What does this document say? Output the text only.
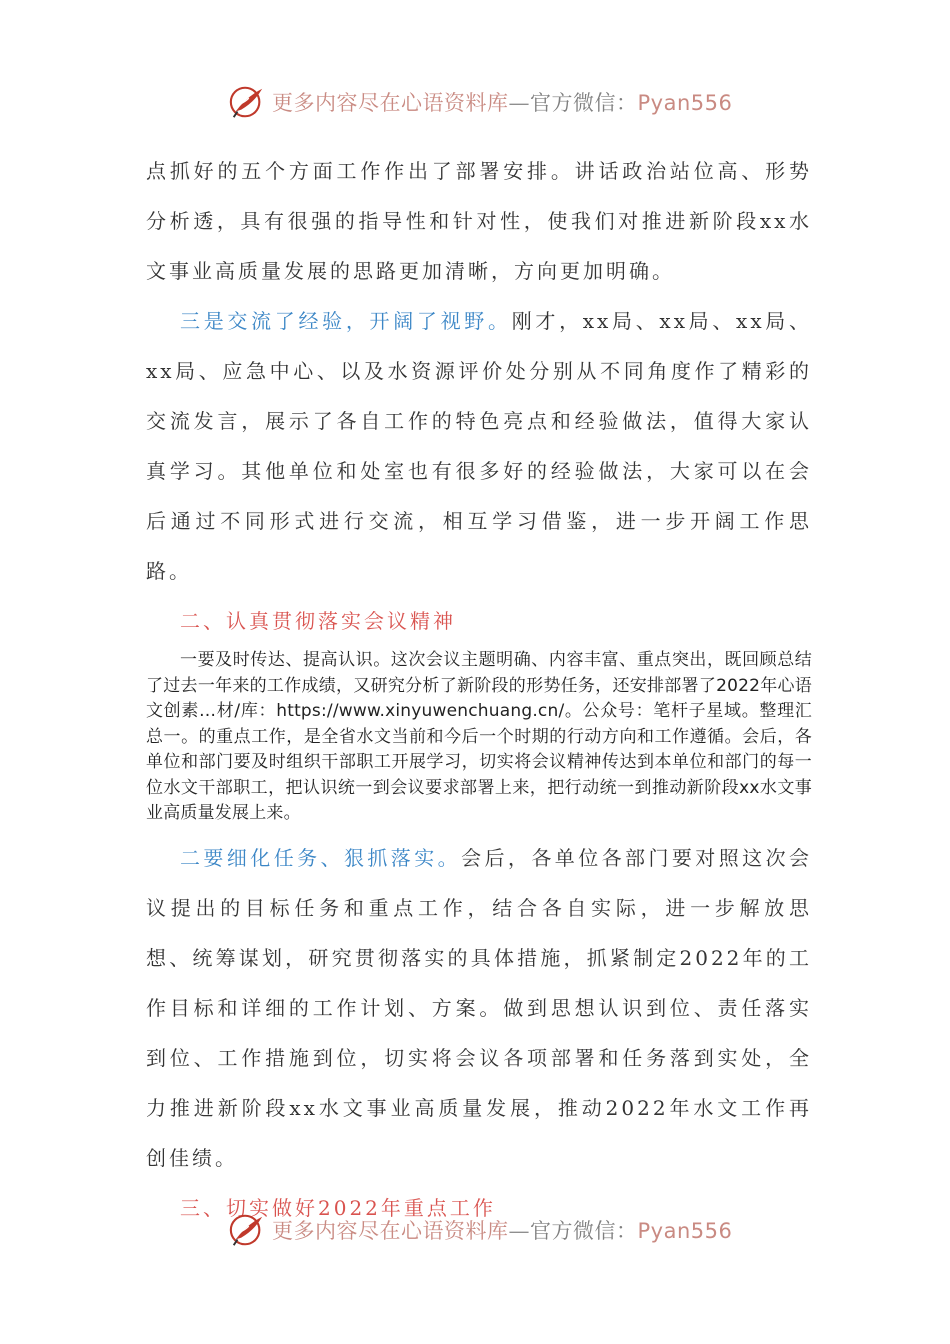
更多内容尽在心语资料库—官方微信：Pyan556

点抓好的五个方面工作作出了部署安排。讲话政治站位高、形势分析透，具有很强的指导性和针对性，使我们对推进新阶段xx水文事业高质量发展的思路更加清晰，方向更加明确。

三是交流了经验，开阔了视野。刚才，xx局、xx局、xx局、xx局、应急中心、以及水资源评价处分别从不同角度作了精彩的交流发言，展示了各自工作的特色亮点和经验做法，值得大家认真学习。其他单位和处室也有很多好的经验做法，大家可以在会后通过不同形式进行交流，相互学习借鉴，进一步开阔工作思路。

二、认真贯彻落实会议精神

一要及时传达、提高认识。这次会议主题明确、内容丰富、重点突出，既回顾总结了过去一年来的工作成绩，又研究分析了新阶段的形势任务，还安排部署了2022年心语文创素…材/库：https://www.xinyuwenchuang.cn/。公众号：笔杆子星域。整理汇总一。的重点工作，是全省水文当前和今后一个时期的行动方向和工作遵循。会后，各单位和部门要及时组织干部职工开展学习，切实将会议精神传达到本单位和部门的每一位水文干部职工，把认识统一到会议要求部署上来，把行动统一到推动新阶段xx水文事业高质量发展上来。

二要细化任务、狠抓落实。会后，各单位各部门要对照这次会议提出的目标任务和重点工作，结合各自实际，进一步解放思想、统筹谋划，研究贯彻落实的具体措施，抓紧制定2022年的工作目标和详细的工作计划、方案。做到思想认识到位、责任落实到位、工作措施到位，切实将会议各项部署和任务落到实处，全力推进新阶段xx水文事业高质量发展，推动2022年水文工作再创佳绩。

三、切实做好2022年重点工作

更多内容尽在心语资料库—官方微信：Pyan556
